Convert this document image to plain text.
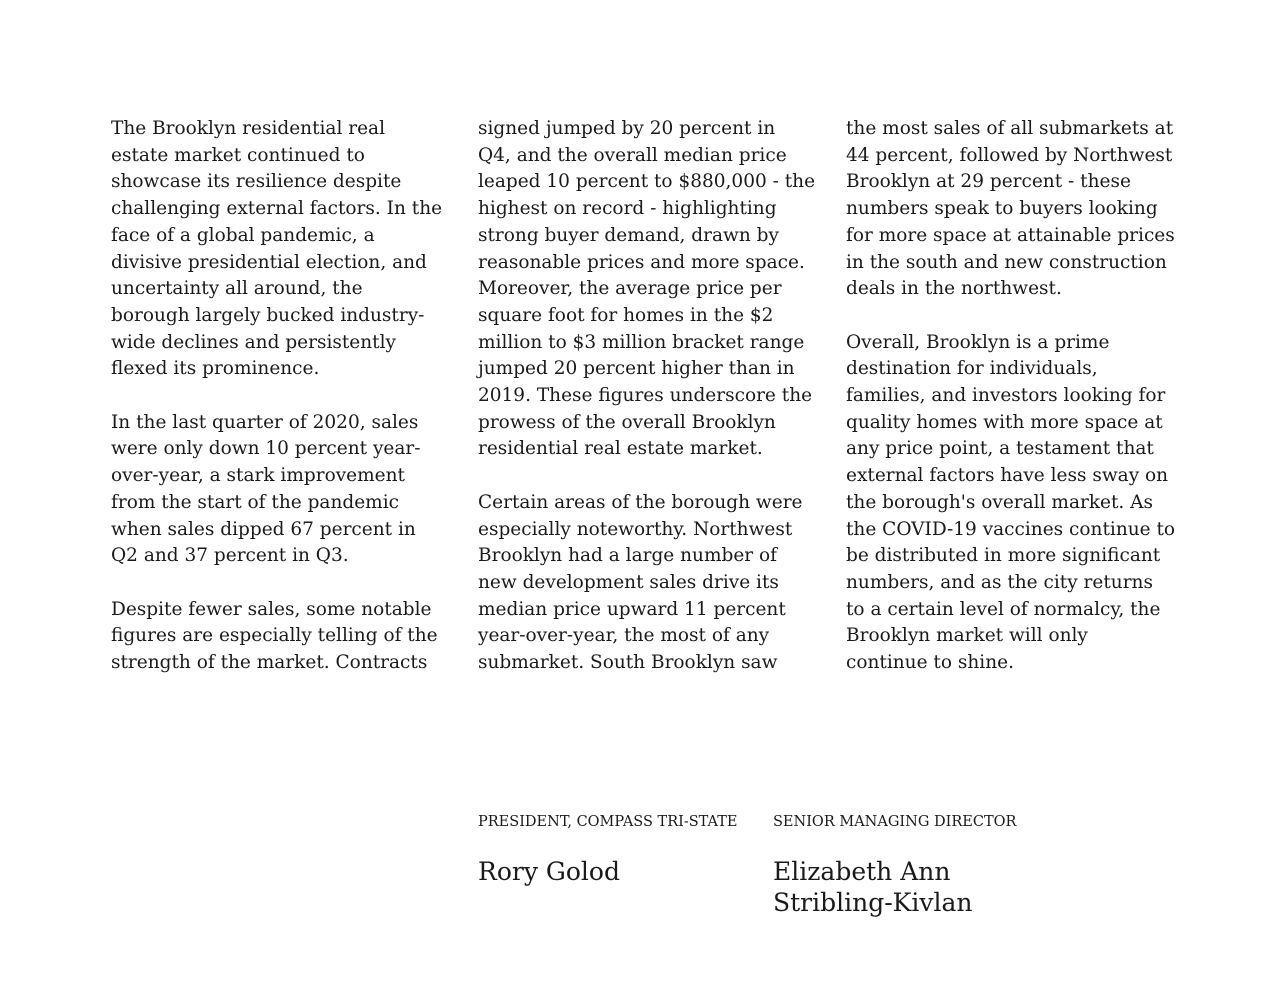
The Brooklyn residential real
estate market continued to
showcase its resilience despite
challenging external factors. In the
face of a global pandemic, a
divisive presidential election, and
uncertainty all around, the
borough largely bucked industry-
wide declines and persistently
flexed its prominence.

In the last quarter of 2020, sales
were only down 10 percent year-
over-year, a stark improvement
from the start of the pandemic
when sales dipped 67 percent in
Q2 and 37 percent in Q3.

Despite fewer sales, some notable
figures are especially telling of the
strength of the market. Contracts

signed jumped by 20 percent in
Q4, and the overall median price
leaped 10 percent to $880,000 - the
highest on record - highlighting
strong buyer demand, drawn by
reasonable prices and more space.
Moreover, the average price per
square foot for homes in the $2
million to $3 million bracket range
jumped 20 percent higher than in
2019. These figures underscore the
prowess of the overall Brooklyn
residential real estate market.

Certain areas of the borough were
especially noteworthy. Northwest
Brooklyn had a large number of
new development sales drive its
median price upward 11 percent
year-over-year, the most of any
submarket. South Brooklyn saw

the most sales of all submarkets at
44 percent, followed by Northwest
Brooklyn at 29 percent - these
numbers speak to buyers looking
for more space at attainable prices
in the south and new construction
deals in the northwest.

Overall, Brooklyn is a prime
destination for individuals,
families, and investors looking for
quality homes with more space at
any price point, a testament that
external factors have less sway on
the borough's overall market. As
the COVID-19 vaccines continue to
be distributed in more significant
numbers, and as the city returns
to a certain level of normalcy, the
Brooklyn market will only
continue to shine.

PRESIDENT, COMPASS TRI-STATE
Rory Golod
SENIOR MANAGING DIRECTOR
Elizabeth Ann
Stribling-Kivlan
